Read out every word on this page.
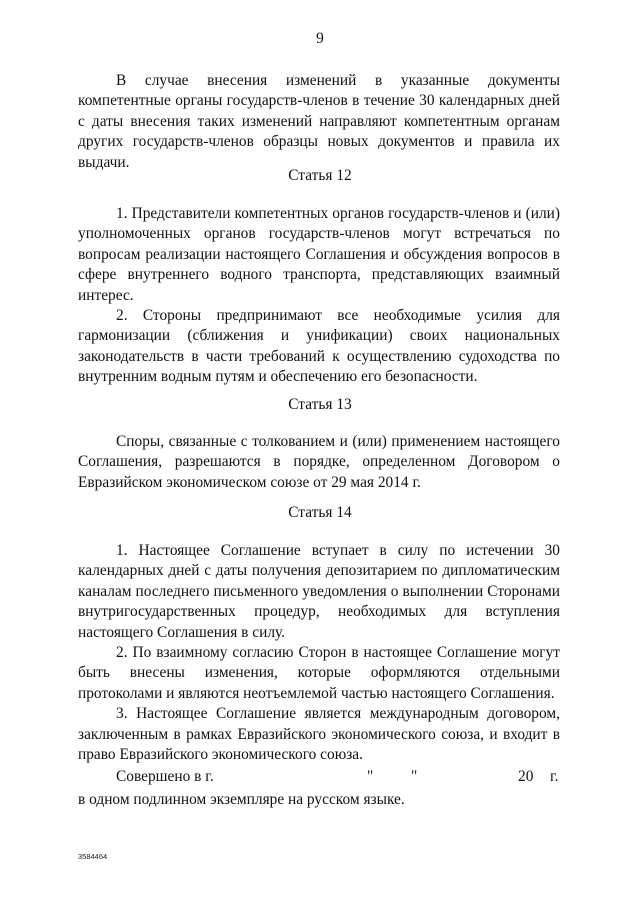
9

В случае внесения изменений в указанные документы компетентные органы государств-членов в течение 30 календарных дней с даты внесения таких изменений направляют компетентным органам других государств-членов образцы новых документов и правила их выдачи.

Статья 12

1. Представители компетентных органов государств-членов и (или) уполномоченных органов государств-членов могут встречаться по вопросам реализации настоящего Соглашения и обсуждения вопросов в сфере внутреннего водного транспорта, представляющих взаимный интерес.

2. Стороны предпринимают все необходимые усилия для гармонизации (сближения и унификации) своих национальных законодательств в части требований к осуществлению судоходства по внутренним водным путям и обеспечению его безопасности.

Статья 13

Споры, связанные с толкованием и (или) применением настоящего Соглашения, разрешаются в порядке, определенном Договором о Евразийском экономическом союзе от 29 мая 2014 г.

Статья 14

1. Настоящее Соглашение вступает в силу по истечении 30 календарных дней с даты получения депозитарием по дипломатическим каналам последнего письменного уведомления о выполнении Сторонами внутригосударственных процедур, необходимых для вступления настоящего Соглашения в силу.

2. По взаимному согласию Сторон в настоящее Соглашение могут быть внесены изменения, которые оформляются отдельными протоколами и являются неотъемлемой частью настоящего Соглашения.

3. Настоящее Соглашение является международным договором, заключенным в рамках Евразийского экономического союза, и входит в право Евразийского экономического союза.

Совершено в г.	" "	20 г.
в одном подлинном экземпляре на русском языке.
3584464
